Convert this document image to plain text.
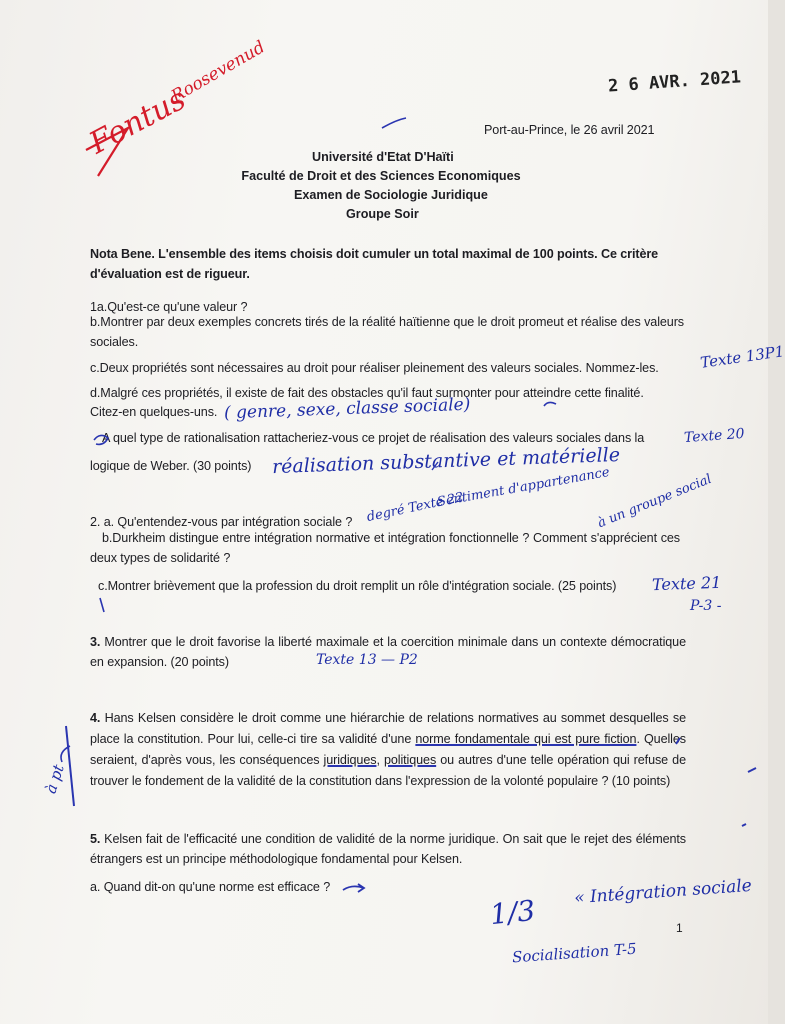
Fontus
Roosevenud	2 6 AVR. 2021
Port-au-Prince, le 26 avril 2021
Université d'Etat D'Haïti
Faculté de Droit et des Sciences Economiques
Examen de Sociologie Juridique
Groupe Soir
Nota Bene. L'ensemble des items choisis doit cumuler un total maximal de 100 points. Ce critère d'évaluation est de rigueur.
1a.Qu'est-ce qu'une valeur ?
b.Montrer par deux exemples concrets tirés de la réalité haïtienne que le droit promeut et réalise des valeurs sociales.
c.Deux propriétés sont nécessaires au droit pour réaliser pleinement des valeurs sociales. Nommez-les.
d.Malgré ces propriétés, il existe de fait des obstacles qu'il faut surmonter pour atteindre cette finalité.
Citez-en quelques-uns.
A quel type de rationalisation rattacheriez-vous ce projet de réalisation des valeurs sociales dans la
logique de Weber. (30 points)
2. a. Qu'entendez-vous par intégration sociale ?
b.Durkheim distingue entre intégration normative et intégration fonctionnelle ? Comment s'apprécient ces deux types de solidarité ?
c.Montrer brièvement que la profession du droit remplit un rôle d'intégration sociale. (25 points)
3. Montrer que le droit favorise la liberté maximale et la coercition minimale dans un contexte démocratique en expansion. (20 points)
4. Hans Kelsen considère le droit comme une hiérarchie de relations normatives au sommet desquelles se place la constitution. Pour lui, celle-ci tire sa validité d'une norme fondamentale qui est pure fiction. Quelles seraient, d'après vous, les conséquences juridiques, politiques ou autres d'une telle opération qui refuse de trouver le fondement de la validité de la constitution dans l'expression de la volonté populaire ? (10 points)
5. Kelsen fait de l'efficacité une condition de validité de la norme juridique. On sait que le rejet des éléments étrangers est un principe méthodologique fondamental pour Kelsen.
a. Quand dit-on qu'une norme est efficace ?
1
Texte 13P1
( genre, sexe, classe sociale)
Texte 20
réalisation substantive et matérielle
Sentiment d'appartenance
degré Texte 22	à un groupe social
Texte 21
P-3 -
Texte 13 — P2
à pt
1/3
« Intégration sociale
Socialisation T-5
